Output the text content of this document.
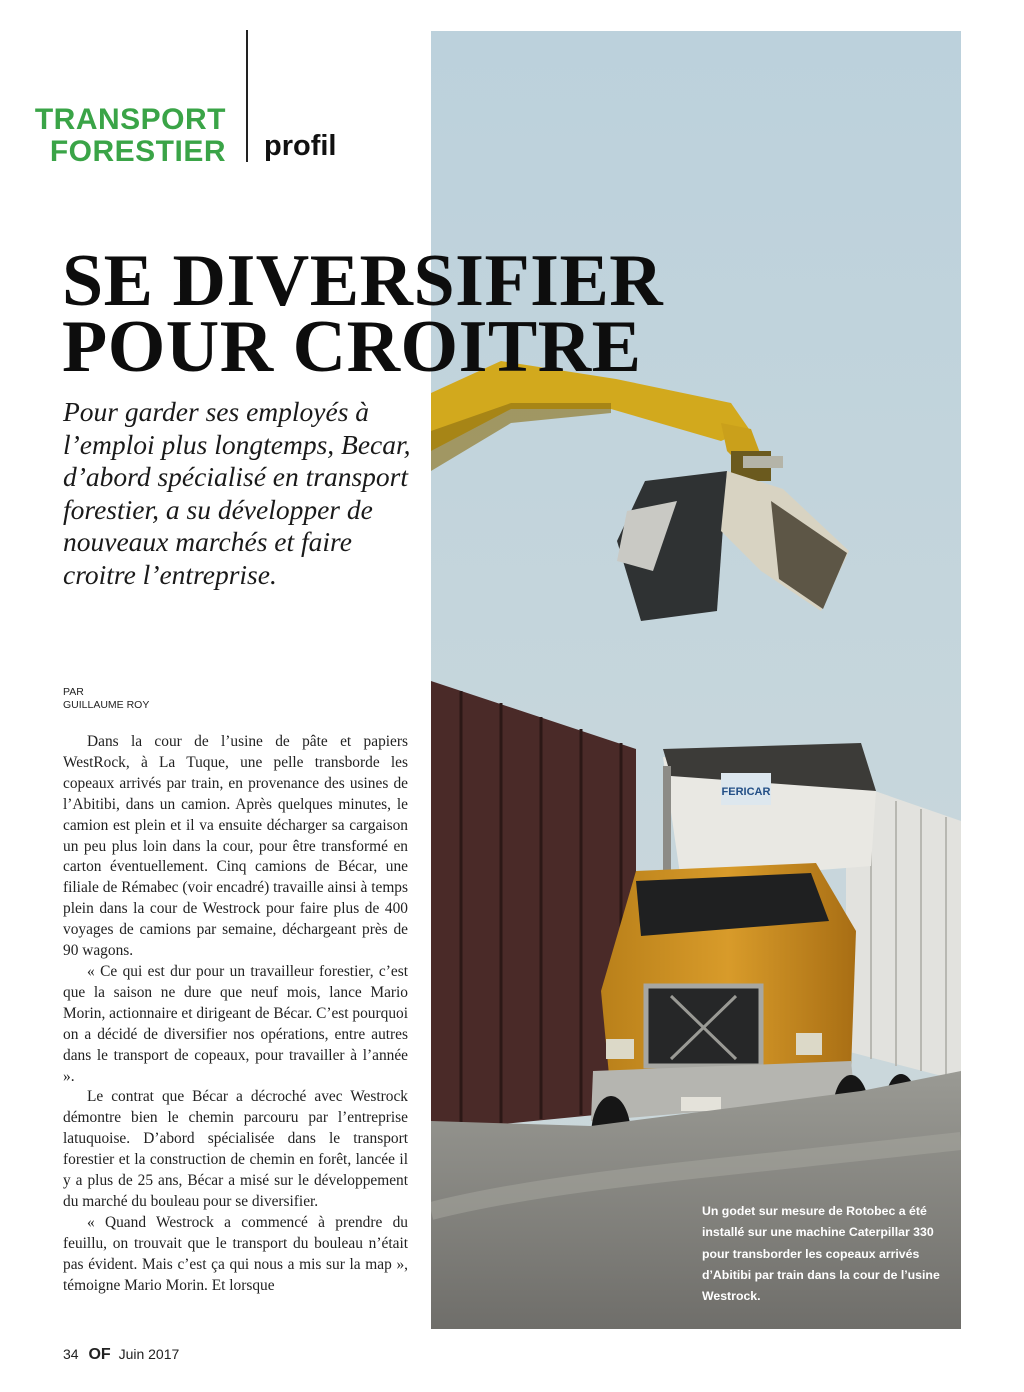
TRANSPORT
FORESTIER profil
FERICAR
SE DIVERSIFIER
POUR CROITRE

Pour garder ses employés à l’emploi plus longtemps, Becar, d’abord spécialisé en transport forestier, a su développer de nouveaux marchés et faire croitre l’entreprise.

PAR
GUILLAUME ROY

Dans la cour de l’usine de pâte et papiers WestRock, à La Tuque, une pelle transborde les copeaux arrivés par train, en provenance des usines de l’Abitibi, dans un camion. Après quelques minutes, le camion est plein et il va ensuite décharger sa cargaison un peu plus loin dans la cour, pour être transformé en carton éventuellement. Cinq camions de Bécar, une filiale de Rémabec (voir encadré) travaille ainsi à temps plein dans la cour de Westrock pour faire plus de 400 voyages de camions par semaine, déchargeant près de 90 wagons.

« Ce qui est dur pour un travailleur forestier, c’est que la saison ne dure que neuf mois, lance Mario Morin, actionnaire et dirigeant de Bécar. C’est pourquoi on a décidé de diversifier nos opérations, entre autres dans le transport de copeaux, pour travailler à l’année ».

Le contrat que Bécar a décroché avec Westrock démontre bien le chemin parcouru par l’entreprise latuquoise. D’abord spécialisée dans le transport forestier et la construction de chemin en forêt, lancée il y a plus de 25 ans, Bécar a misé sur le développement du marché du bouleau pour se diversifier.

« Quand Westrock a commencé à prendre du feuillu, on trouvait que le transport du bouleau n’était pas évident. Mais c’est ça qui nous a mis sur la map », témoigne Mario Morin. Et lorsque

Un godet sur mesure de Rotobec a été installé sur une machine Caterpillar 330 pour transborder les copeaux arrivés d’Abitibi par train dans la cour de l’usine Westrock.
34 OF Juin 2017
